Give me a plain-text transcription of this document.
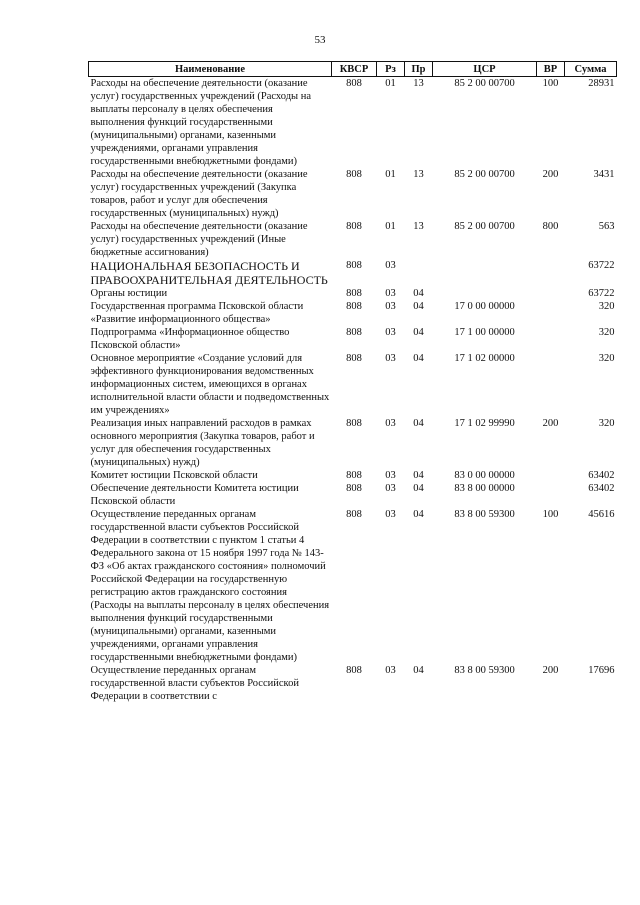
53
Наименование	КВСР	Рз	Пр	ЦСР	ВР	Сумма
Расходы на обеспечение деятельности (оказание услуг) государственных учреждений (Расходы на выплаты персоналу в целях обеспечения выполнения функций государственными (муниципальными) органами, казенными учреждениями, органами управления государственными внебюджетными фондами)	808	01	13	85 2 00 00700	100	28931
Расходы на обеспечение деятельности (оказание услуг) государственных учреждений (Закупка товаров, работ и услуг для обеспечения государственных (муниципальных) нужд)	808	01	13	85 2 00 00700	200	3431
Расходы на обеспечение деятельности (оказание услуг) государственных учреждений (Иные бюджетные ассигнования)	808	01	13	85 2 00 00700	800	563
НАЦИОНАЛЬНАЯ БЕЗОПАСНОСТЬ И ПРАВООХРАНИТЕЛЬНАЯ ДЕЯТЕЛЬНОСТЬ	808	03				63722
Органы юстиции	808	03	04			63722
Государственная программа Псковской области «Развитие информационного общества»	808	03	04	17 0 00 00000		320
Подпрограмма «Информационное общество Псковской области»	808	03	04	17 1 00 00000		320
Основное мероприятие «Создание условий для эффективного функционирования ведомственных информационных систем, имеющихся в органах исполнительной власти области и подведомственных им учреждениях»	808	03	04	17 1 02 00000		320
Реализация иных направлений расходов в рамках основного мероприятия (Закупка товаров, работ и услуг для обеспечения государственных (муниципальных) нужд)	808	03	04	17 1 02 99990	200	320
Комитет юстиции Псковской области	808	03	04	83 0 00 00000		63402
Обеспечение деятельности Комитета юстиции Псковской области	808	03	04	83 8 00 00000		63402
Осуществление переданных органам государственной власти субъектов Российской Федерации в соответствии с пунктом 1 статьи 4 Федерального закона от 15 ноября 1997 года № 143-ФЗ «Об актах гражданского состояния» полномочий Российской Федерации на государственную регистрацию актов гражданского состояния (Расходы на выплаты персоналу в целях обеспечения выполнения функций государственными (муниципальными) органами, казенными учреждениями, органами управления государственными внебюджетными фондами)	808	03	04	83 8 00 59300	100	45616
Осуществление переданных органам государственной власти субъектов Российской Федерации в соответствии с	808	03	04	83 8 00 59300	200	17696
